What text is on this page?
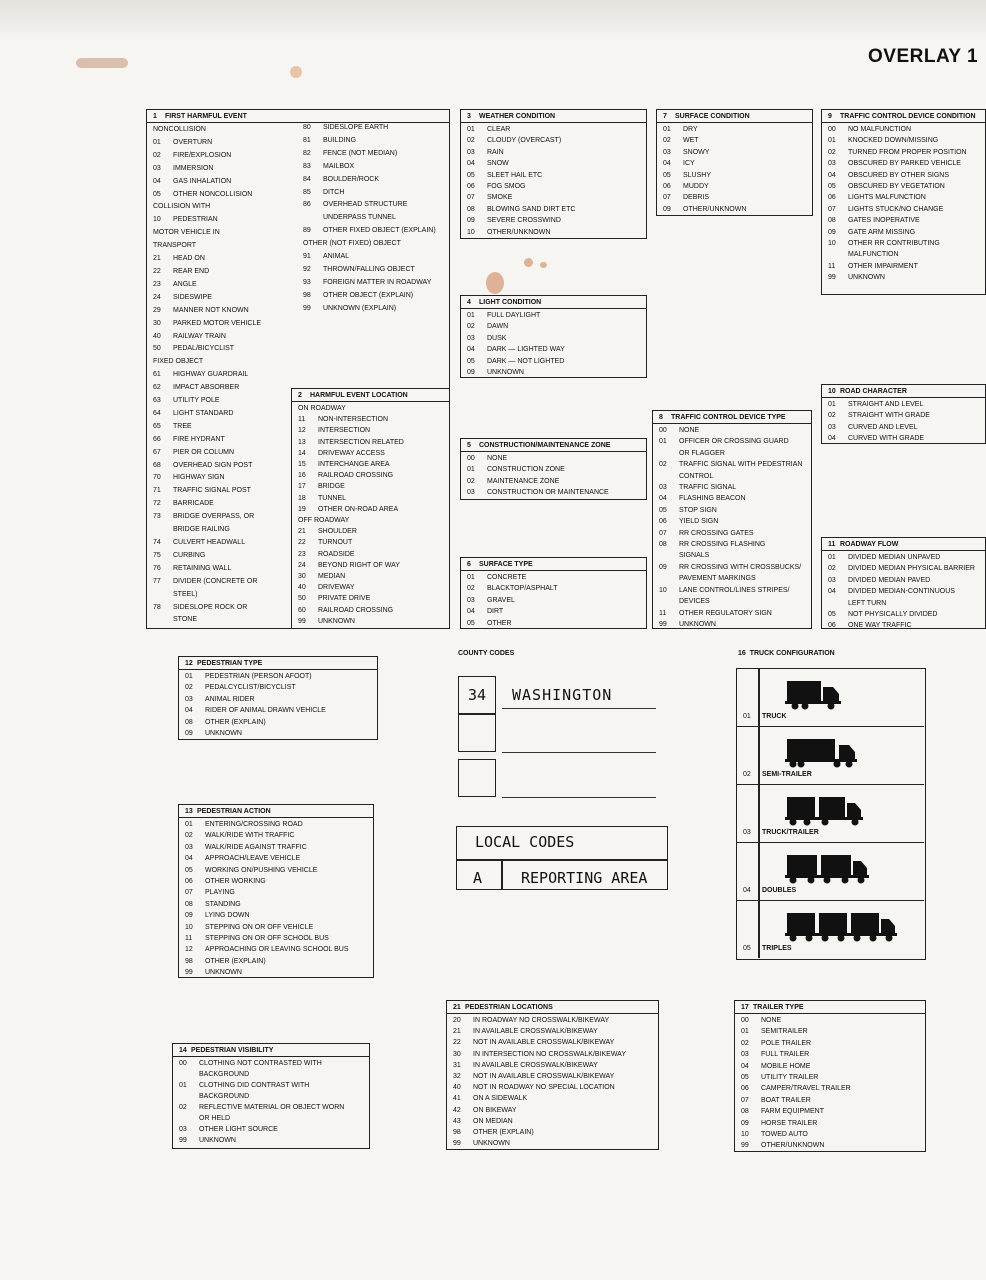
OVERLAY 1
1 FIRST HARMFUL EVENT
NONCOLLISION
01	OVERTURN
02	FIRE/EXPLOSION
03	IMMERSION
04	GAS INHALATION
05	OTHER NONCOLLISION
COLLISION WITH
10	PEDESTRIAN
MOTOR VEHICLE IN
TRANSPORT
21	HEAD ON
22	REAR END
23	ANGLE
24	SIDESWIPE
29	MANNER NOT KNOWN
30	PARKED MOTOR VEHICLE
40	RAILWAY TRAIN
50	PEDAL/BICYCLIST
FIXED OBJECT
61	HIGHWAY GUARDRAIL
62	IMPACT ABSORBER
63	UTILITY POLE
64	LIGHT STANDARD
65	TREE
66	FIRE HYDRANT
67	PIER OR COLUMN
68	OVERHEAD SIGN POST
70	HIGHWAY SIGN
71	TRAFFIC SIGNAL POST
72	BARRICADE
73	BRIDGE OVERPASS, OR
BRIDGE RAILING
74	CULVERT HEADWALL
75	CURBING
76	RETAINING WALL
77	DIVIDER (CONCRETE OR
STEEL)
78	SIDESLOPE ROCK OR
STONE
80	SIDESLOPE EARTH
81	BUILDING
82	FENCE (NOT MEDIAN)
83	MAILBOX
84	BOULDER/ROCK
85	DITCH
86	OVERHEAD STRUCTURE
UNDERPASS TUNNEL
89	OTHER FIXED OBJECT (EXPLAIN)
OTHER (NOT FIXED) OBJECT
91	ANIMAL
92	THROWN/FALLING OBJECT
93	FOREIGN MATTER IN ROADWAY
98	OTHER OBJECT (EXPLAIN)
99	UNKNOWN (EXPLAIN)
2 HARMFUL EVENT LOCATION
ON ROADWAY
11	NON-INTERSECTION
12	INTERSECTION
13	INTERSECTION RELATED
14	DRIVEWAY ACCESS
15	INTERCHANGE AREA
16	RAILROAD CROSSING
17	BRIDGE
18	TUNNEL
19	OTHER ON-ROAD AREA
OFF ROADWAY
21	SHOULDER
22	TURNOUT
23	ROADSIDE
24	BEYOND RIGHT OF WAY
30	MEDIAN
40	DRIVEWAY
50	PRIVATE DRIVE
60	RAILROAD CROSSING
99	UNKNOWN
3 WEATHER CONDITION
01	CLEAR
02	CLOUDY (OVERCAST)
03	RAIN
04	SNOW
05	SLEET HAIL ETC
06	FOG SMOG
07	SMOKE
08	BLOWING SAND DIRT ETC
09	SEVERE CROSSWIND
10	OTHER/UNKNOWN
4 LIGHT CONDITION
01	FULL DAYLIGHT
02	DAWN
03	DUSK
04	DARK — LIGHTED WAY
05	DARK — NOT LIGHTED
09	UNKNOWN
5 CONSTRUCTION/MAINTENANCE ZONE
00	NONE
01	CONSTRUCTION ZONE
02	MAINTENANCE ZONE
03	CONSTRUCTION OR MAINTENANCE
6 SURFACE TYPE
01	CONCRETE
02	BLACKTOP/ASPHALT
03	GRAVEL
04	DIRT
05	OTHER
7 SURFACE CONDITION
01	DRY
02	WET
03	SNOWY
04	ICY
05	SLUSHY
06	MUDDY
07	DEBRIS
09	OTHER/UNKNOWN
8 TRAFFIC CONTROL DEVICE TYPE
00	NONE
01	OFFICER OR CROSSING GUARD
OR FLAGGER
02	TRAFFIC SIGNAL WITH PEDESTRIAN
CONTROL
03	TRAFFIC SIGNAL
04	FLASHING BEACON
05	STOP SIGN
06	YIELD SIGN
07	RR CROSSING GATES
08	RR CROSSING FLASHING
SIGNALS
09	RR CROSSING WITH CROSSBUCKS/
PAVEMENT MARKINGS
10	LANE CONTROL/LINES STRIPES/
DEVICES
11	OTHER REGULATORY SIGN
99	UNKNOWN
9 TRAFFIC CONTROL DEVICE CONDITION
00	NO MALFUNCTION
01	KNOCKED DOWN/MISSING
02	TURNED FROM PROPER POSITION
03	OBSCURED BY PARKED VEHICLE
04	OBSCURED BY OTHER SIGNS
05	OBSCURED BY VEGETATION
06	LIGHTS MALFUNCTION
07	LIGHTS STUCK/NO CHANGE
08	GATES INOPERATIVE
09	GATE ARM MISSING
10	OTHER RR CONTRIBUTING
MALFUNCTION
11	OTHER IMPAIRMENT
99	UNKNOWN
10 ROAD CHARACTER
01	STRAIGHT AND LEVEL
02	STRAIGHT WITH GRADE
03	CURVED AND LEVEL
04	CURVED WITH GRADE
11 ROADWAY FLOW
01	DIVIDED MEDIAN UNPAVED
02	DIVIDED MEDIAN PHYSICAL BARRIER
03	DIVIDED MEDIAN PAVED
04	DIVIDED MEDIAN-CONTINUOUS
LEFT TURN
05	NOT PHYSICALLY DIVIDED
06	ONE WAY TRAFFIC
12 PEDESTRIAN TYPE
01	PEDESTRIAN (PERSON AFOOT)
02	PEDALCYCLIST/BICYCLIST
03	ANIMAL RIDER
04	RIDER OF ANIMAL DRAWN VEHICLE
08	OTHER (EXPLAIN)
09	UNKNOWN
13 PEDESTRIAN ACTION
01	ENTERING/CROSSING ROAD
02	WALK/RIDE WITH TRAFFIC
03	WALK/RIDE AGAINST TRAFFIC
04	APPROACH/LEAVE VEHICLE
05	WORKING ON/PUSHING VEHICLE
06	OTHER WORKING
07	PLAYING
08	STANDING
09	LYING DOWN
10	STEPPING ON OR OFF VEHICLE
11	STEPPING ON OR OFF SCHOOL BUS
12	APPROACHING OR LEAVING SCHOOL BUS
98	OTHER (EXPLAIN)
99	UNKNOWN
14 PEDESTRIAN VISIBILITY
00	CLOTHING NOT CONTRASTED WITH
BACKGROUND
01	CLOTHING DID CONTRAST WITH
BACKGROUND
02	REFLECTIVE MATERIAL OR OBJECT WORN
OR HELD
03	OTHER LIGHT SOURCE
99	UNKNOWN
21 PEDESTRIAN LOCATIONS
20	IN ROADWAY NO CROSSWALK/BIKEWAY
21	IN AVAILABLE CROSSWALK/BIKEWAY
22	NOT IN AVAILABLE CROSSWALK/BIKEWAY
30	IN INTERSECTION NO CROSSWALK/BIKEWAY
31	IN AVAILABLE CROSSWALK/BIKEWAY
32	NOT IN AVAILABLE CROSSWALK/BIKEWAY
40	NOT IN ROADWAY NO SPECIAL LOCATION
41	ON A SIDEWALK
42	ON BIKEWAY
43	ON MEDIAN
98	OTHER (EXPLAIN)
99	UNKNOWN
17 TRAILER TYPE
00	NONE
01	SEMITRAILER
02	POLE TRAILER
03	FULL TRAILER
04	MOBILE HOME
05	UTILITY TRAILER
06	CAMPER/TRAVEL TRAILER
07	BOAT TRAILER
08	FARM EQUIPMENT
09	HORSE TRAILER
10	TOWED AUTO
99	OTHER/UNKNOWN
COUNTY CODES
34	WASHINGTON
LOCAL CODES
A	REPORTING AREA
16 TRUCK CONFIGURATION
01 TRUCK
02 SEMI-TRAILER
03 TRUCK/TRAILER
04 DOUBLES
05 TRIPLES
